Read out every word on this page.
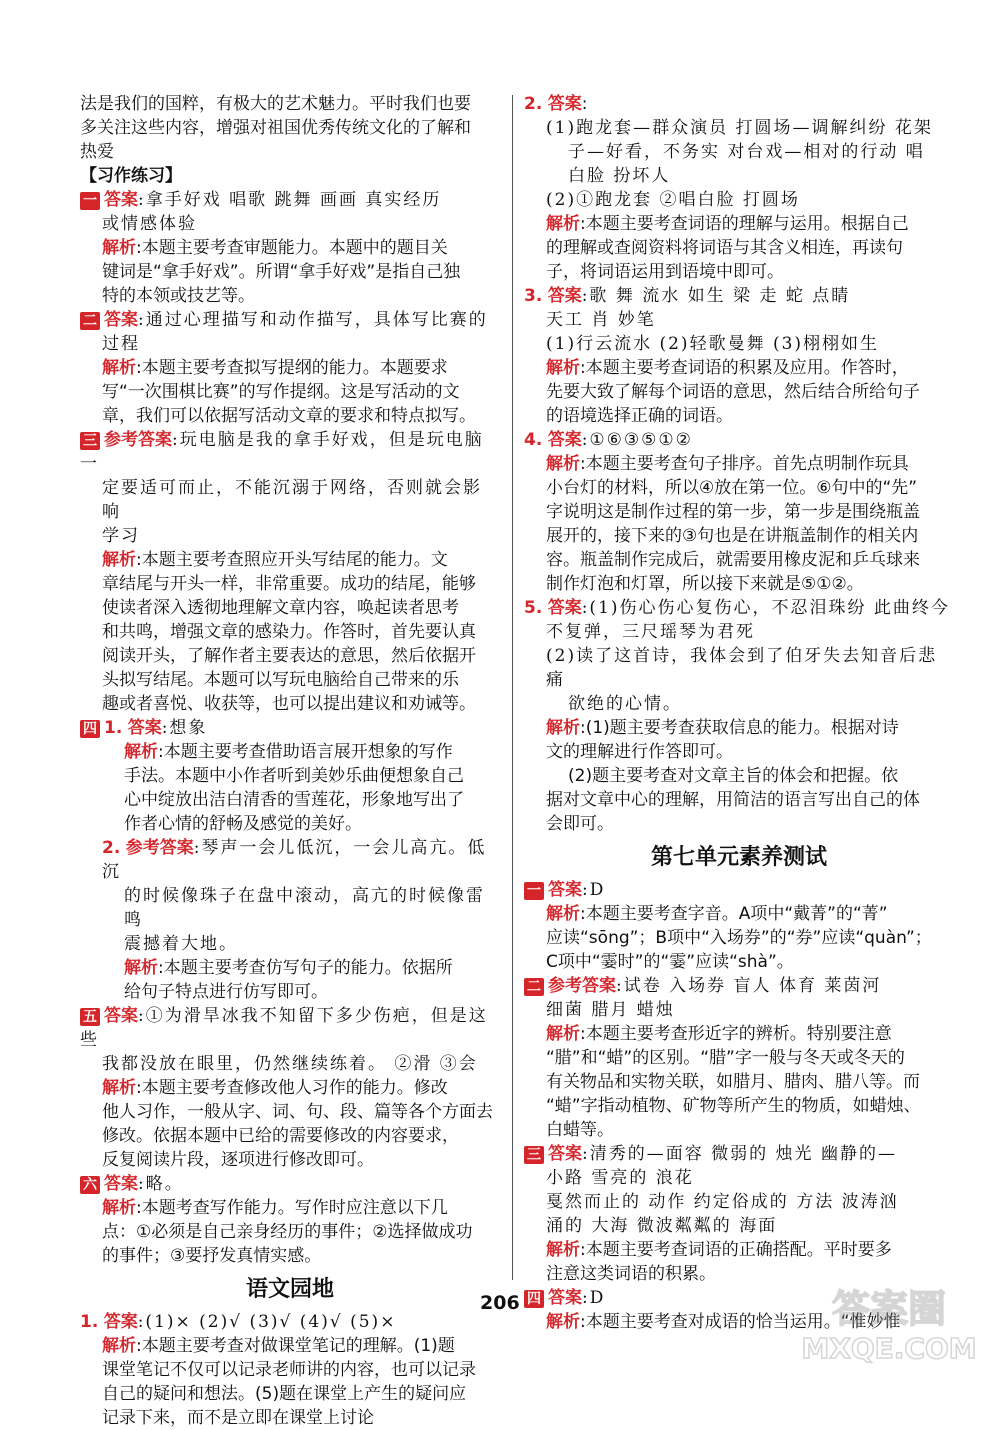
法是我们的国粹，有极大的艺术魅力。平时我们也要

多关注这些内容，增强对祖国优秀传统文化的了解和

热爱

【习作练习】

一 答案:拿手好戏 唱歌 跳舞 画画 真实经历

或情感体验

解析:本题主要考查审题能力。本题中的题目关

键词是“拿手好戏”。所谓“拿手好戏”是指自己独

特的本领或技艺等。

二 答案:通过心理描写和动作描写，具体写比赛的

过程

解析:本题主要考查拟写提纲的能力。本题要求

写“一次围棋比赛”的写作提纲。这是写活动的文

章，我们可以依据写活动文章的要求和特点拟写。

三 参考答案:玩电脑是我的拿手好戏，但是玩电脑一

定要适可而止，不能沉溺于网络，否则就会影响

学习

解析:本题主要考查照应开头写结尾的能力。文

章结尾与开头一样，非常重要。成功的结尾，能够

使读者深入透彻地理解文章内容，唤起读者思考

和共鸣，增强文章的感染力。作答时，首先要认真

阅读开头，了解作者主要表达的意思，然后依据开

头拟写结尾。本题可以写玩电脑给自己带来的乐

趣或者喜悦、收获等，也可以提出建议和劝诫等。

四 1. 答案:想象

解析:本题主要考查借助语言展开想象的写作

手法。本题中小作者听到美妙乐曲便想象自己

心中绽放出洁白清香的雪莲花，形象地写出了

作者心情的舒畅及感觉的美好。

2. 参考答案:琴声一会儿低沉，一会儿高亢。低沉

的时候像珠子在盘中滚动，高亢的时候像雷鸣

震撼着大地。

解析:本题主要考查仿写句子的能力。依据所

给句子特点进行仿写即可。

五 答案:①为滑旱冰我不知留下多少伤疤，但是这些

我都没放在眼里，仍然继续练着。 ②滑 ③会

解析:本题主要考查修改他人习作的能力。修改

他人习作，一般从字、词、句、段、篇等各个方面去

修改。依据本题中已给的需要修改的内容要求，

反复阅读片段，逐项进行修改即可。

六 答案:略。

解析:本题考查写作能力。写作时应注意以下几

点：①必须是自己亲身经历的事件；②选择做成功

的事件；③要抒发真情实感。

语文园地

1. 答案:(1)× (2)√ (3)√ (4)√ (5)×

解析:本题主要考查对做课堂笔记的理解。(1)题

课堂笔记不仅可以记录老师讲的内容，也可以记录

自己的疑问和想法。(5)题在课堂上产生的疑问应

记录下来，而不是立即在课堂上讨论

2. 答案:

(1)跑龙套—群众演员 打圆场—调解纠纷 花架

子—好看，不务实 对台戏—相对的行动 唱

白脸 扮坏人

(2)①跑龙套 ②唱白脸 打圆场

解析:本题主要考查词语的理解与运用。根据自己

的理解或查阅资料将词语与其含义相连，再读句

子，将词语运用到语境中即可。

3. 答案:歌 舞 流水 如生 梁 走 蛇 点睛

天工 肖 妙笔

(1)行云流水 (2)轻歌曼舞 (3)栩栩如生

解析:本题主要考查词语的积累及应用。作答时，

先要大致了解每个词语的意思，然后结合所给句子

的语境选择正确的词语。

4. 答案:①⑥③⑤①②

解析:本题主要考查句子排序。首先点明制作玩具

小台灯的材料，所以④放在第一位。⑥句中的“先”

字说明这是制作过程的第一步，第一步是围绕瓶盖

展开的，接下来的③句也是在讲瓶盖制作的相关内

容。瓶盖制作完成后，就需要用橡皮泥和乒乓球来

制作灯泡和灯罩，所以接下来就是⑤①②。

5. 答案:(1)伤心伤心复伤心，不忍泪珠纷 此曲终今

不复弹，三尺瑶琴为君死

(2)读了这首诗，我体会到了伯牙失去知音后悲痛

欲绝的心情。

解析:(1)题主要考查获取信息的能力。根据对诗

文的理解进行作答即可。

(2)题主要考查对文章主旨的体会和把握。依

据对文章中心的理解，用简洁的语言写出自己的体

会即可。

第七单元素养测试

一 答案:D

解析:本题主要考查字音。A项中“戴菁”的“菁”

应读“sōng”；B项中“入场券”的“券”应读“quàn”；

C项中“霎时”的“霎”应读“shà”。

二 参考答案:试卷 入场券 盲人 体育 莱茵河

细菌 腊月 蜡烛

解析:本题主要考查形近字的辨析。特别要注意

“腊”和“蜡”的区别。“腊”字一般与冬天或冬天的

有关物品和实物关联，如腊月、腊肉、腊八等。而

“蜡”字指动植物、矿物等所产生的物质，如蜡烛、

白蜡等。

三 答案:清秀的—面容 微弱的 烛光 幽静的—

小路 雪亮的 浪花

戛然而止的 动作 约定俗成的 方法 波涛汹

涌的 大海 微波粼粼的 海面

解析:本题主要考查词语的正确搭配。平时要多

注意这类词语的积累。

四 答案:D

解析:本题主要考查对成语的恰当运用。“惟妙惟

206	答案圈
MXQE.COM
